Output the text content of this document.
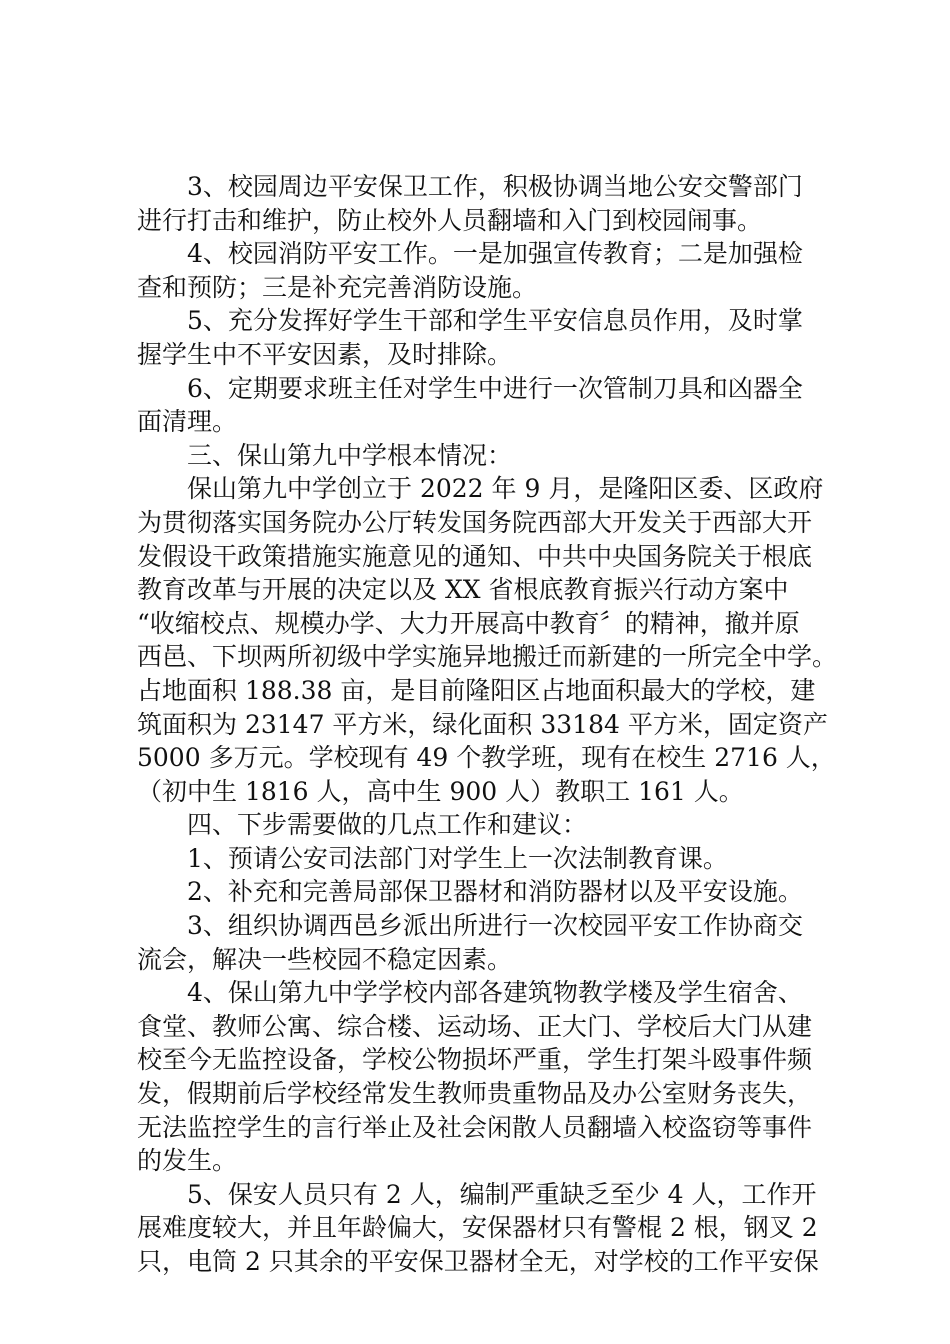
3、校园周边平安保卫工作，积极协调当地公安交警部门
进行打击和维护，防止校外人员翻墙和入门到校园闹事。
4、校园消防平安工作。一是加强宣传教育；二是加强检
查和预防；三是补充完善消防设施。
5、充分发挥好学生干部和学生平安信息员作用，及时掌
握学生中不平安因素，及时排除。
6、定期要求班主任对学生中进行一次管制刀具和凶器全
面清理。
三、保山第九中学根本情况：
保山第九中学创立于 2022 年 9 月，是隆阳区委、区政府
为贯彻落实国务院办公厅转发国务院西部大开发关于西部大开
发假设干政策措施实施意见的通知、中共中央国务院关于根底
教育改革与开展的决定以及 XX 省根底教育振兴行动方案中
“收缩校点、规模办学、大力开展高中教育〞的精神，撤并原
西邑、下坝两所初级中学实施异地搬迁而新建的一所完全中学。
占地面积 188.38 亩，是目前隆阳区占地面积最大的学校，建
筑面积为 23147 平方米，绿化面积 33184 平方米，固定资产
5000 多万元。学校现有 49 个教学班，现有在校生 2716 人，
（初中生 1816 人，高中生 900 人）教职工 161 人。
四、下步需要做的几点工作和建议：
1、预请公安司法部门对学生上一次法制教育课。
2、补充和完善局部保卫器材和消防器材以及平安设施。
3、组织协调西邑乡派出所进行一次校园平安工作协商交
流会，解决一些校园不稳定因素。
4、保山第九中学学校内部各建筑物教学楼及学生宿舍、
食堂、教师公寓、综合楼、运动场、正大门、学校后大门从建
校至今无监控设备，学校公物损坏严重，学生打架斗殴事件频
发，假期前后学校经常发生教师贵重物品及办公室财务丧失，
无法监控学生的言行举止及社会闲散人员翻墙入校盗窃等事件
的发生。
5、保安人员只有 2 人，编制严重缺乏至少 4 人，工作开
展难度较大，并且年龄偏大，安保器材只有警棍 2 根，钢叉 2
只，电筒 2 只其余的平安保卫器材全无，对学校的工作平安保
